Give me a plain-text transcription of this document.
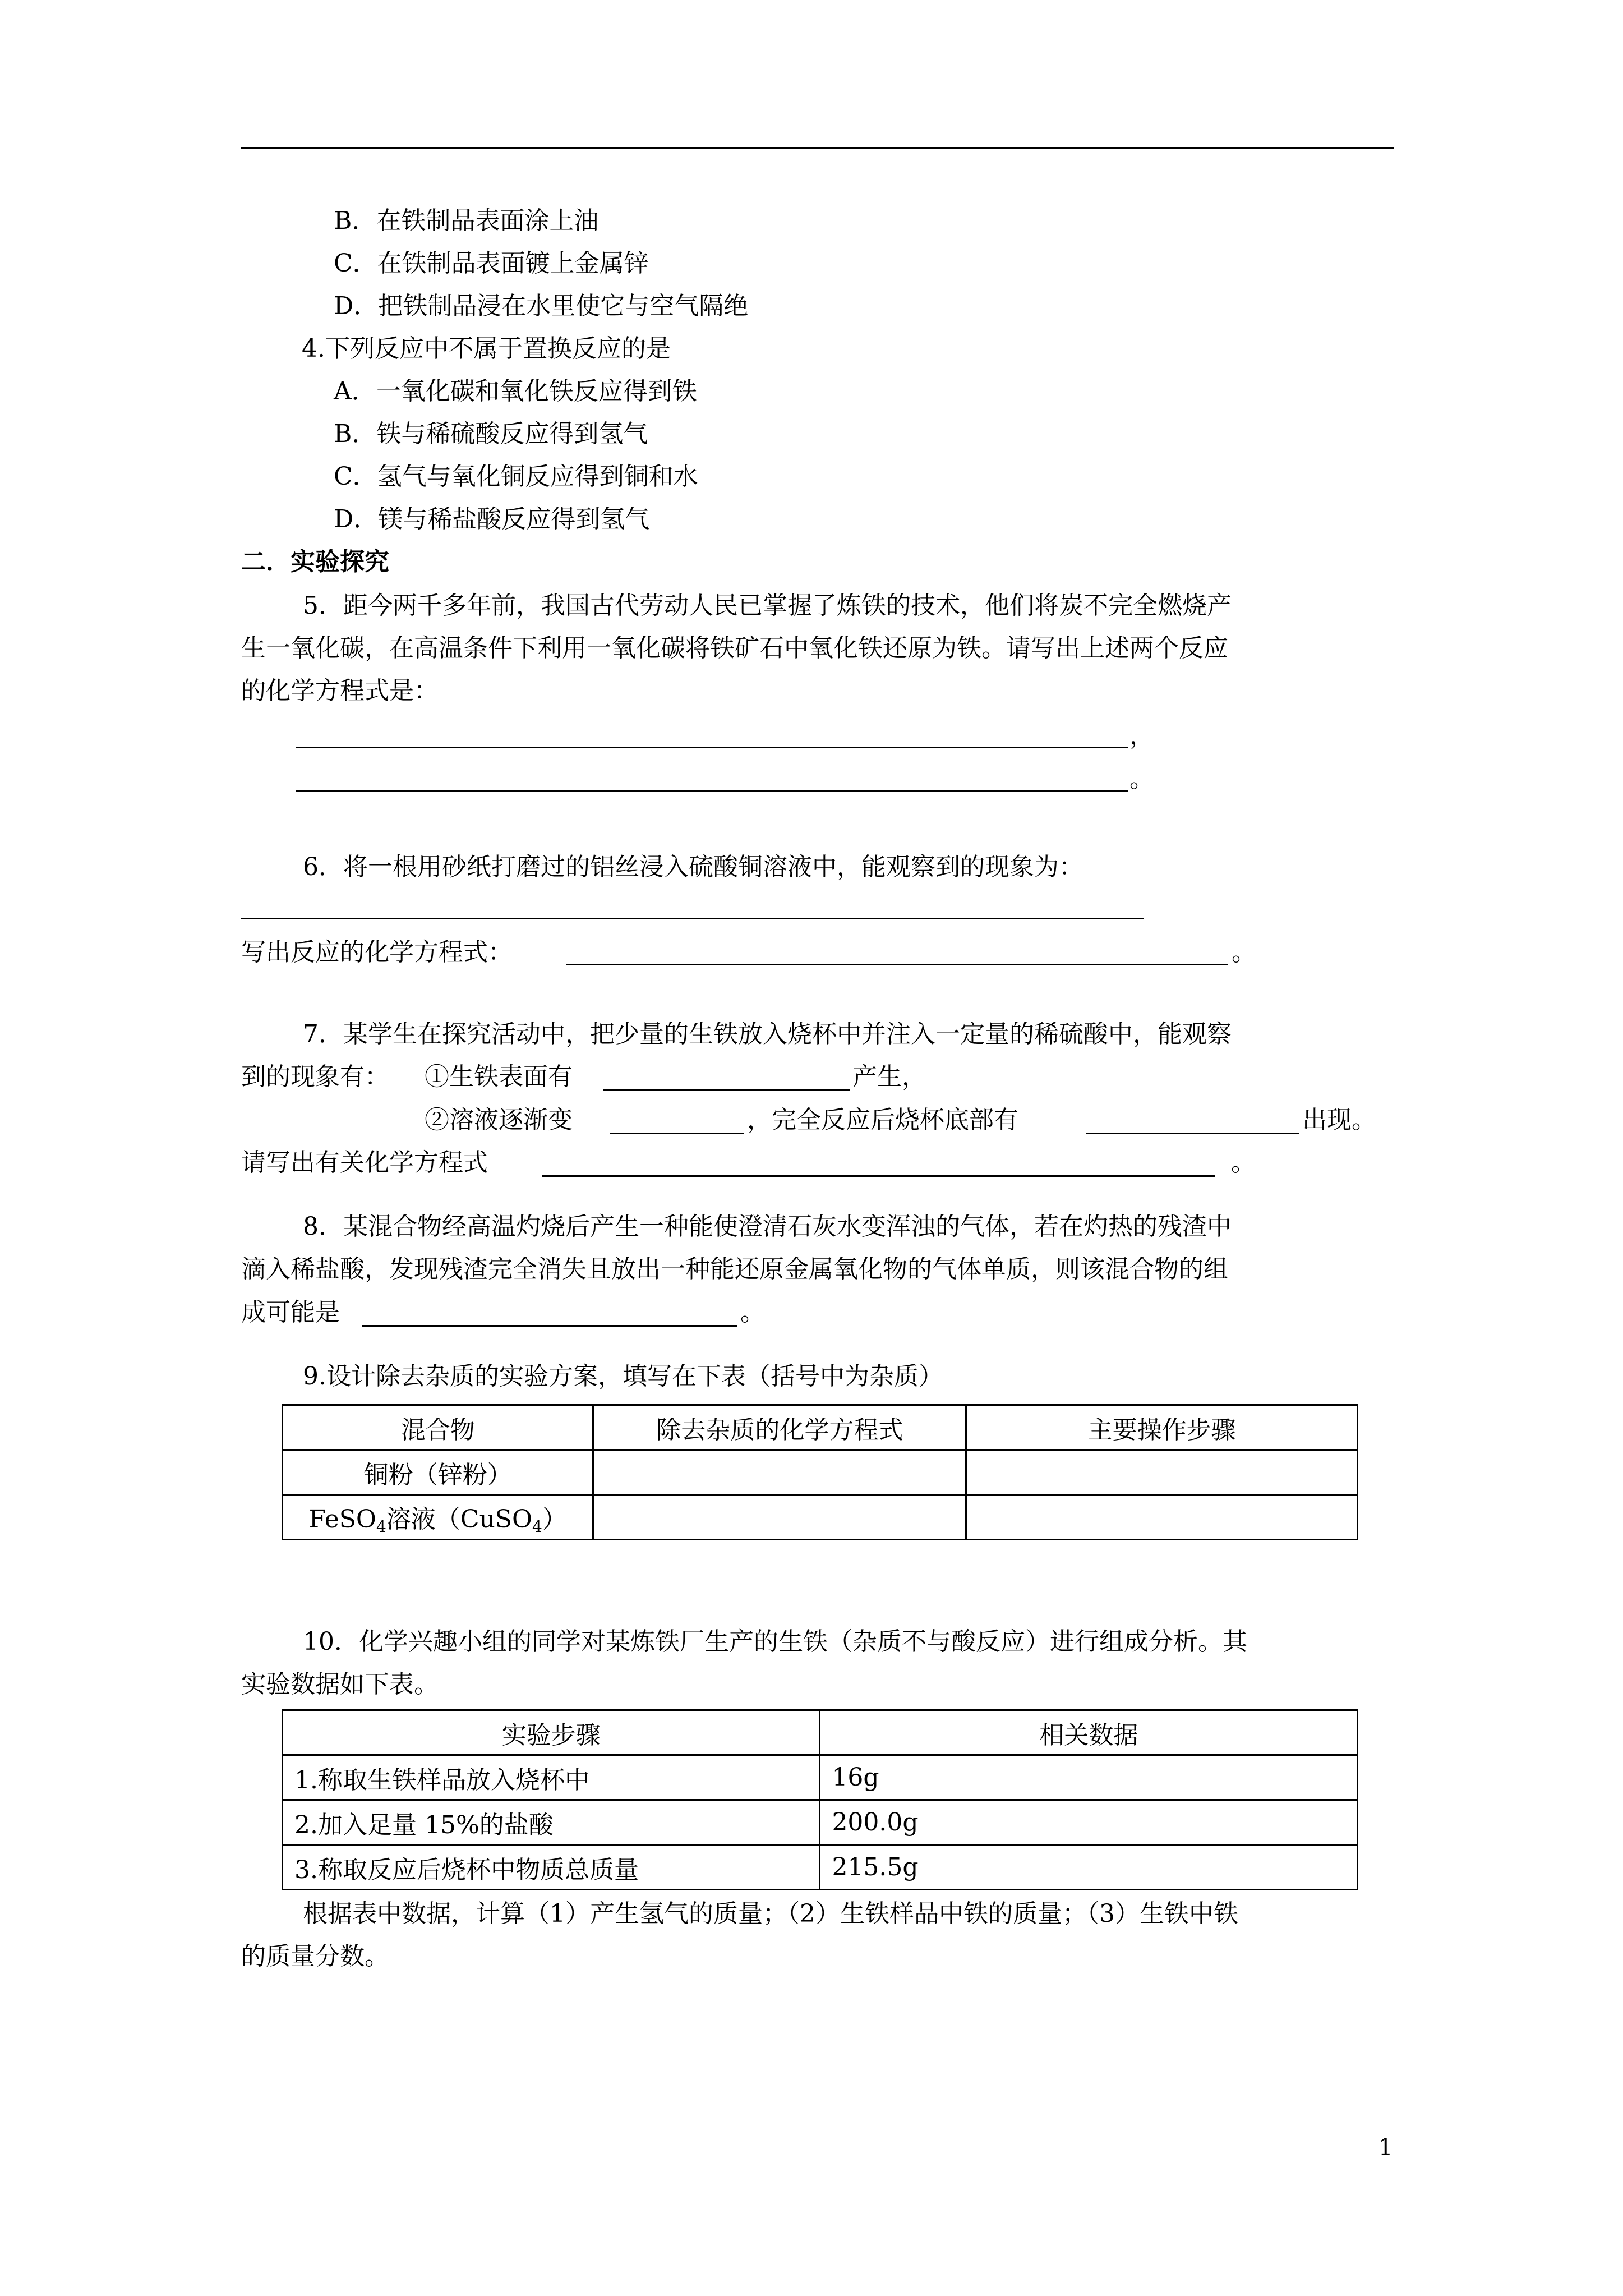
B．在铁制品表面涂上油
C．在铁制品表面镀上金属锌
D．把铁制品浸在水里使它与空气隔绝
4.下列反应中不属于置换反应的是
A．一氧化碳和氧化铁反应得到铁
B．铁与稀硫酸反应得到氢气
C．氢气与氧化铜反应得到铜和水
D．镁与稀盐酸反应得到氢气
二．实验探究
5．距今两千多年前，我国古代劳动人民已掌握了炼铁的技术，他们将炭不完全燃烧产
生一氧化碳，在高温条件下利用一氧化碳将铁矿石中氧化铁还原为铁。请写出上述两个反应
的化学方程式是：
，
。
6．将一根用砂纸打磨过的铝丝浸入硫酸铜溶液中，能观察到的现象为：
写出反应的化学方程式：	。
7．某学生在探究活动中，把少量的生铁放入烧杯中并注入一定量的稀硫酸中，能观察
到的现象有： ①生铁表面有	产生，
②溶液逐渐变	，完全反应后烧杯底部有	出现。
请写出有关化学方程式	。
8．某混合物经高温灼烧后产生一种能使澄清石灰水变浑浊的气体，若在灼热的残渣中
滴入稀盐酸，发现残渣完全消失且放出一种能还原金属氧化物的气体单质，则该混合物的组
成可能是	。
9.设计除去杂质的实验方案，填写在下表（括号中为杂质）
混合物	除去杂质的化学方程式	主要操作步骤
铜粉（锌粉）		
FeSO$_4$溶液（CuSO$_4$）		
10．化学兴趣小组的同学对某炼铁厂生产的生铁（杂质不与酸反应）进行组成分析。其
实验数据如下表。
实验步骤	相关数据
1.称取生铁样品放入烧杯中	16g
2.加入足量 15%的盐酸	200.0g
3.称取反应后烧杯中物质总质量	215.5g
根据表中数据，计算（1）产生氢气的质量；（2）生铁样品中铁的质量；（3）生铁中铁
的质量分数。
1
